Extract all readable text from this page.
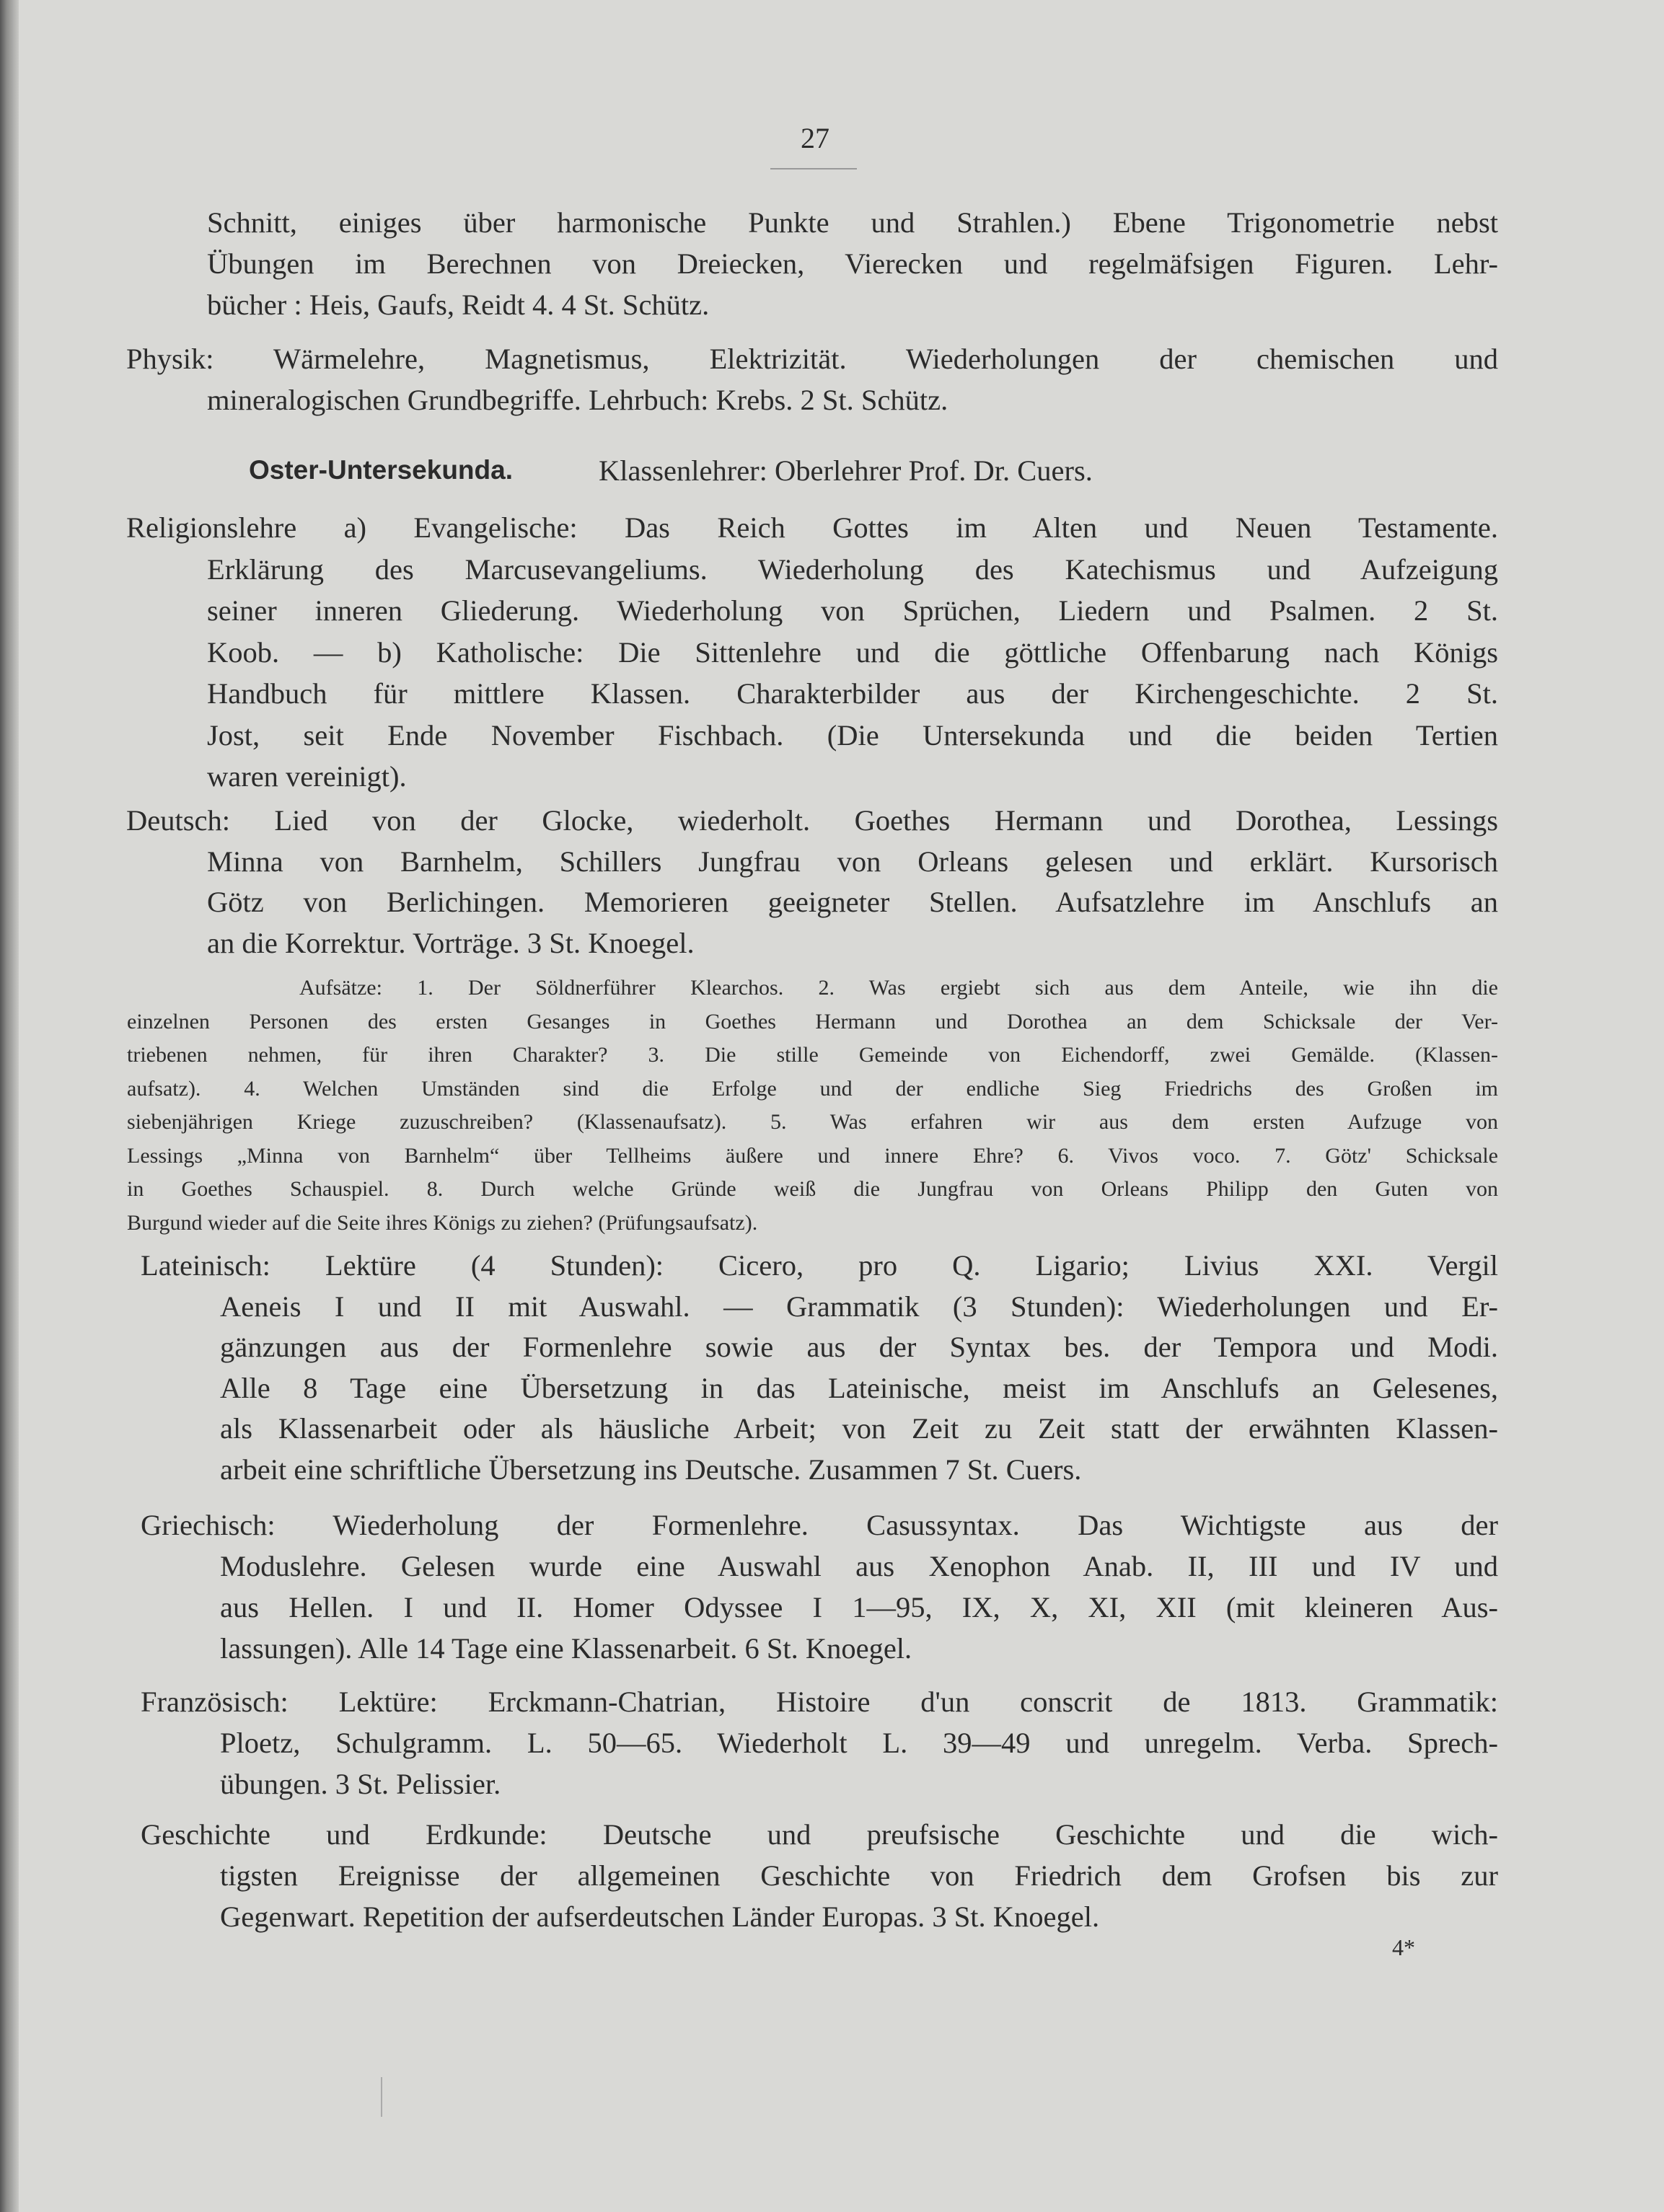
27
Schnitt, einiges über harmonische Punkte und Strahlen.) Ebene Trigonometrie nebst
Übungen im Berechnen von Dreiecken, Vierecken und regelmäfsigen Figuren. Lehr-
bücher : Heis, Gaufs, Reidt 4. 4 St. Schütz.
Physik: Wärmelehre, Magnetismus, Elektrizität. Wiederholungen der chemischen und
mineralogischen Grundbegriffe. Lehrbuch: Krebs. 2 St. Schütz.
Oster-Untersekunda.	Klassenlehrer: Oberlehrer Prof. Dr. Cuers.
Religionslehre a) Evangelische: Das Reich Gottes im Alten und Neuen Testamente.
Erklärung des Marcusevangeliums. Wiederholung des Katechismus und Aufzeigung
seiner inneren Gliederung. Wiederholung von Sprüchen, Liedern und Psalmen. 2 St.
Koob. — b) Katholische: Die Sittenlehre und die göttliche Offenbarung nach Königs
Handbuch für mittlere Klassen. Charakterbilder aus der Kirchengeschichte. 2 St.
Jost, seit Ende November Fischbach. (Die Untersekunda und die beiden Tertien
waren vereinigt).
Deutsch: Lied von der Glocke, wiederholt. Goethes Hermann und Dorothea, Lessings
Minna von Barnhelm, Schillers Jungfrau von Orleans gelesen und erklärt. Kursorisch
Götz von Berlichingen. Memorieren geeigneter Stellen. Aufsatzlehre im Anschlufs an
an die Korrektur. Vorträge. 3 St. Knoegel.
Aufsätze: 1. Der Söldnerführer Klearchos. 2. Was ergiebt sich aus dem Anteile, wie ihn die
einzelnen Personen des ersten Gesanges in Goethes Hermann und Dorothea an dem Schicksale der Ver-
triebenen nehmen, für ihren Charakter? 3. Die stille Gemeinde von Eichendorff, zwei Gemälde. (Klassen-
aufsatz). 4. Welchen Umständen sind die Erfolge und der endliche Sieg Friedrichs des Großen im
siebenjährigen Kriege zuzuschreiben? (Klassenaufsatz). 5. Was erfahren wir aus dem ersten Aufzuge von
Lessings „Minna von Barnhelm“ über Tellheims äußere und innere Ehre? 6. Vivos voco. 7. Götz' Schicksale
in Goethes Schauspiel. 8. Durch welche Gründe weiß die Jungfrau von Orleans Philipp den Guten von
Burgund wieder auf die Seite ihres Königs zu ziehen? (Prüfungsaufsatz).
Lateinisch: Lektüre (4 Stunden): Cicero, pro Q. Ligario; Livius XXI. Vergil
Aeneis I und II mit Auswahl. — Grammatik (3 Stunden): Wiederholungen und Er-
gänzungen aus der Formenlehre sowie aus der Syntax bes. der Tempora und Modi.
Alle 8 Tage eine Übersetzung in das Lateinische, meist im Anschlufs an Gelesenes,
als Klassenarbeit oder als häusliche Arbeit; von Zeit zu Zeit statt der erwähnten Klassen-
arbeit eine schriftliche Übersetzung ins Deutsche. Zusammen 7 St. Cuers.
Griechisch: Wiederholung der Formenlehre. Casussyntax. Das Wichtigste aus der
Moduslehre. Gelesen wurde eine Auswahl aus Xenophon Anab. II, III und IV und
aus Hellen. I und II. Homer Odyssee I 1—95, IX, X, XI, XII (mit kleineren Aus-
lassungen). Alle 14 Tage eine Klassenarbeit. 6 St. Knoegel.
Französisch: Lektüre: Erckmann-Chatrian, Histoire d'un conscrit de 1813. Grammatik:
Ploetz, Schulgramm. L. 50—65. Wiederholt L. 39—49 und unregelm. Verba. Sprech-
übungen. 3 St. Pelissier.
Geschichte und Erdkunde: Deutsche und preufsische Geschichte und die wich-
tigsten Ereignisse der allgemeinen Geschichte von Friedrich dem Grofsen bis zur
Gegenwart. Repetition der aufserdeutschen Länder Europas. 3 St. Knoegel.
4*
